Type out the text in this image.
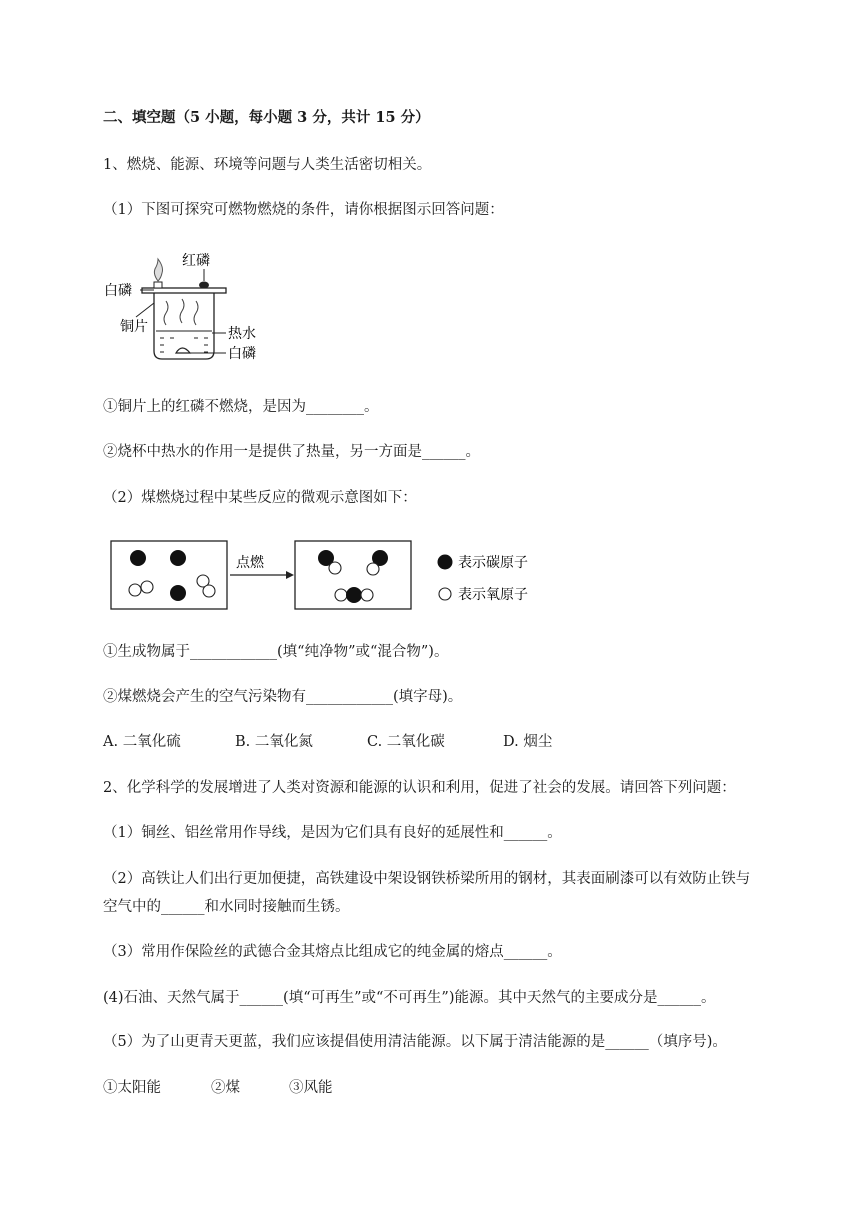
二、填空题（5 小题，每小题 3 分，共计 15 分）
1、燃烧、能源、环境等问题与人类生活密切相关。
（1）下图可探究可燃物燃烧的条件，请你根据图示回答问题：
红磷
白磷
铜片	热水
白磷
①铜片上的红磷不燃烧，是因为________。
②烧杯中热水的作用一是提供了热量，另一方面是______。
（2）煤燃烧过程中某些反应的微观示意图如下：
点燃	表示碳原子
表示氧原子
①生成物属于____________(填“纯净物”或“混合物”)。
②煤燃烧会产生的空气污染物有____________(填字母)。
A. 二氧化硫	B. 二氧化氮	C. 二氧化碳	D. 烟尘
2、化学科学的发展增进了人类对资源和能源的认识和利用，促进了社会的发展。请回答下列问题：
（1）铜丝、铝丝常用作导线，是因为它们具有良好的延展性和______。
（2）高铁让人们出行更加便捷，高铁建设中架设钢铁桥梁所用的钢材，其表面刷漆可以有效防止铁与
空气中的______和水同时接触而生锈。
（3）常用作保险丝的武德合金其熔点比组成它的纯金属的熔点______。
(4)石油、天然气属于______(填“可再生”或“不可再生”)能源。其中天然气的主要成分是______。
（5）为了山更青天更蓝，我们应该提倡使用清洁能源。以下属于清洁能源的是______（填序号)。
①太阳能	②煤	③风能
